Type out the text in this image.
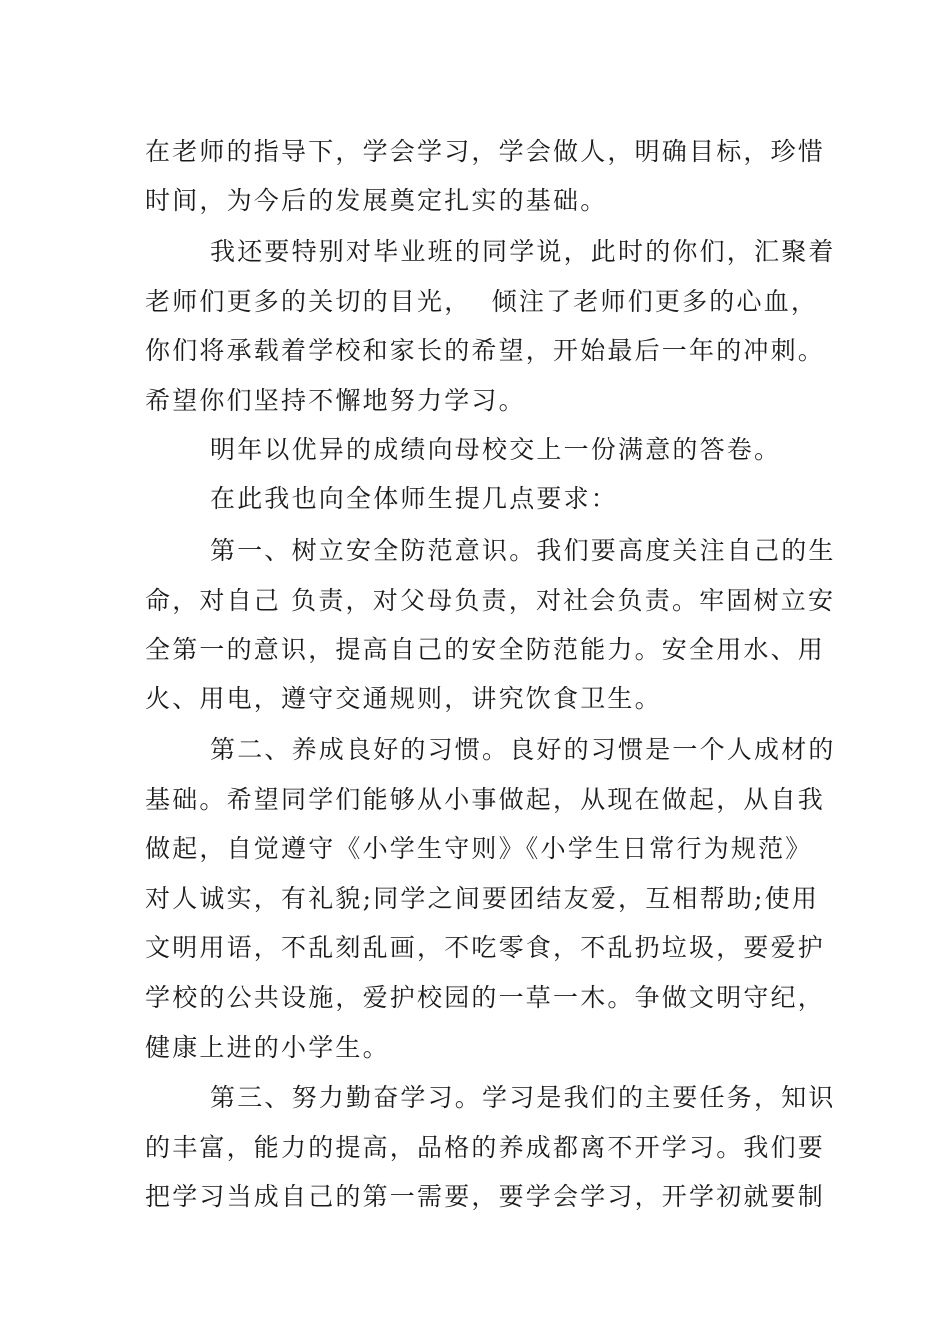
在老师的指导下，学会学习，学会做人，明确目标，珍惜
时间，为今后的发展奠定扎实的基础。
我还要特别对毕业班的同学说，此时的你们，汇聚着
老师们更多的关切的目光，  倾注了老师们更多的心血，
你们将承载着学校和家长的希望，开始最后一年的冲刺。
希望你们坚持不懈地努力学习。
明年以优异的成绩向母校交上一份满意的答卷。
在此我也向全体师生提几点要求：
第一、树立安全防范意识。我们要高度关注自己的生
命，对自己 负责，对父母负责，对社会负责。牢固树立安
全第一的意识，提高自己的安全防范能力。安全用水、用
火、用电，遵守交通规则，讲究饮食卫生。
第二、养成良好的习惯。良好的习惯是一个人成材的
基础。希望同学们能够从小事做起，从现在做起，从自我
做起，自觉遵守《小学生守则》《小学生日常行为规范》
对人诚实，有礼貌;同学之间要团结友爱，互相帮助;使用
文明用语，不乱刻乱画，不吃零食，不乱扔垃圾，要爱护
学校的公共设施，爱护校园的一草一木。争做文明守纪，
健康上进的小学生。
第三、努力勤奋学习。学习是我们的主要任务，知识
的丰富，能力的提高，品格的养成都离不开学习。我们要
把学习当成自己的第一需要，要学会学习，开学初就要制
